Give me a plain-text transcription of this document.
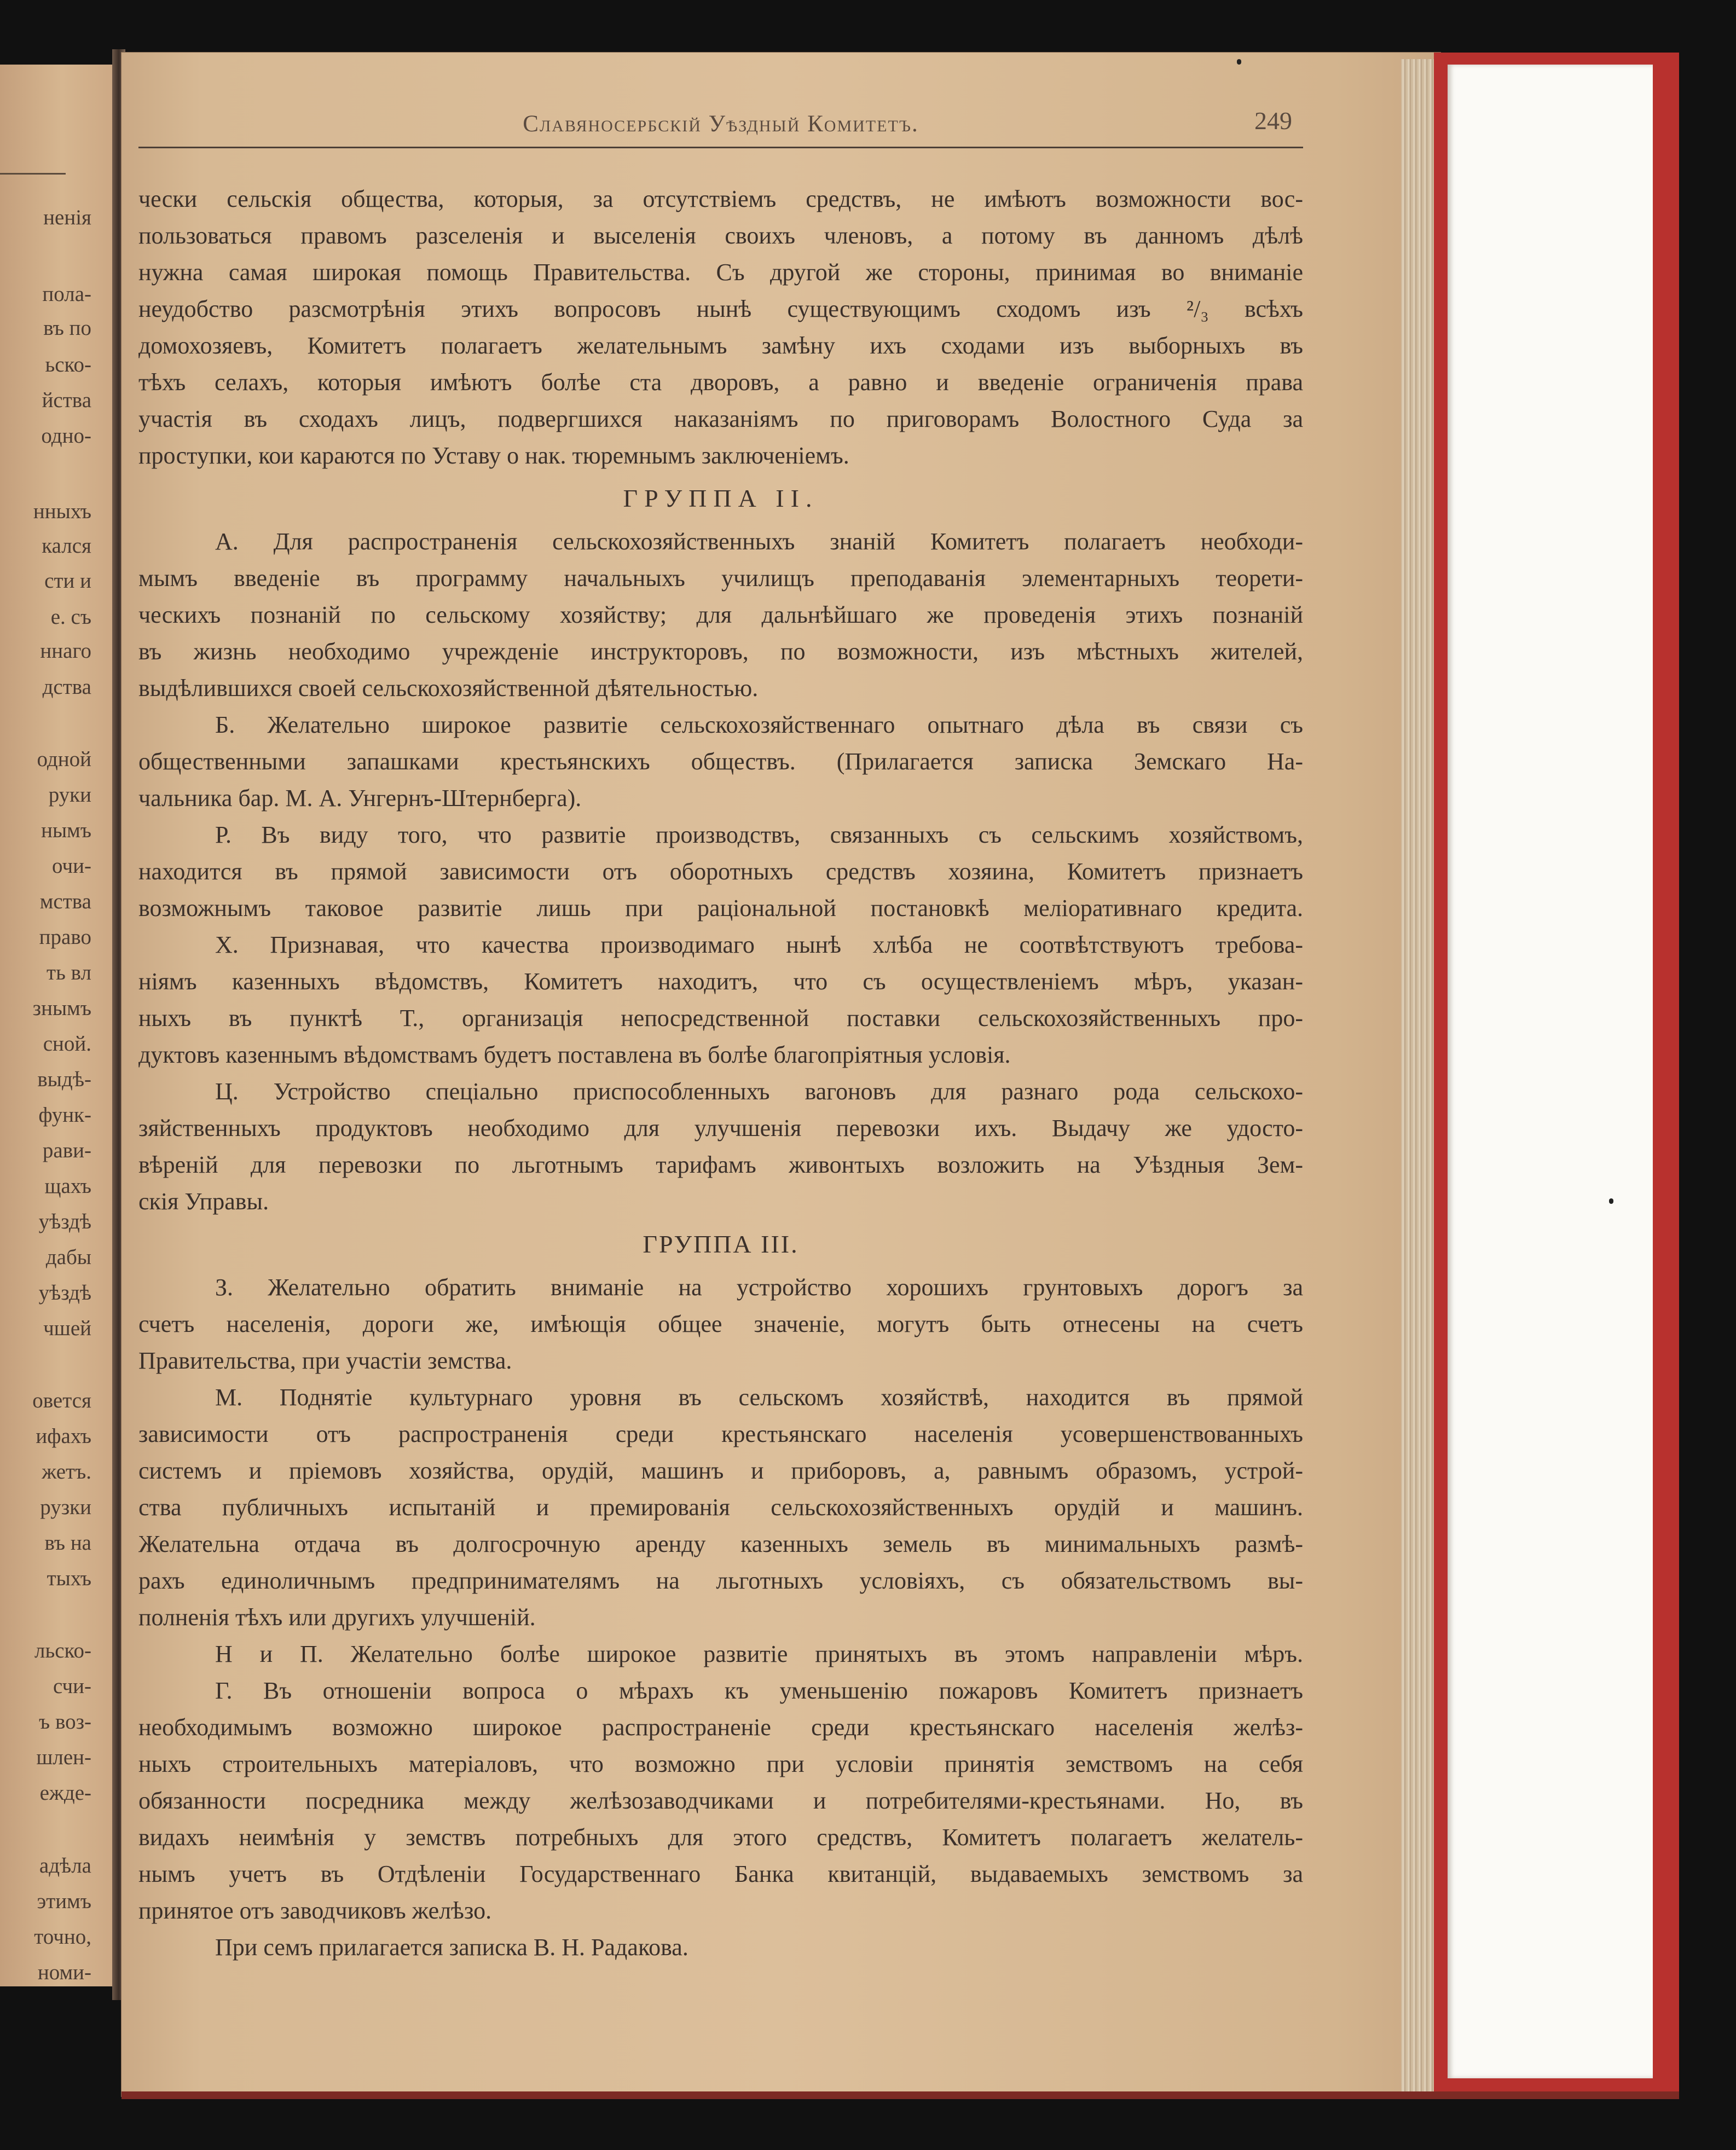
ненія
пола-
въ по
ьско-
йства
одно-
нныхъ
кался
сти и
е. съ
ннаго
дства
одной
руки
нымъ
очи-
мства
право
ть вл
знымъ
сной.
выдѣ-
функ-
рави-
щахъ
уѣздѣ
дабы
уѣздѣ
чшей
овется
ифахъ
жетъ.
рузки
въ на
тыхъ
льско-
счи-
ъ воз-
шлен-
ежде-
адѣла
этимъ
точно,
номи-
Славяносербскій Уѣздный Комитетъ.	249
чески сельскія общества, которыя, за отсутствіемъ средствъ, не имѣютъ возможности вос-
пользоваться правомъ разселенія и выселенія своихъ членовъ, а потому въ данномъ дѣлѣ
нужна самая широкая помощь Правительства. Съ другой же стороны, принимая во вниманіе
неудобство разсмотрѣнія этихъ вопросовъ нынѣ существующимъ сходомъ изъ ²/₃ всѣхъ
домохозяевъ, Комитетъ полагаетъ желательнымъ замѣну ихъ сходами изъ выборныхъ въ
тѣхъ селахъ, которыя имѣютъ болѣе ста дворовъ, а равно и введеніе ограниченія права
участія въ сходахъ лицъ, подвергшихся наказаніямъ по приговорамъ Волостного Суда за
проступки, кои караются по Уставу о нак. тюремнымъ заключеніемъ.
ГРУППА II.
А. Для распространенія сельскохозяйственныхъ знаній Комитетъ полагаетъ необходи-
мымъ введеніе въ программу начальныхъ училищъ преподаванія элементарныхъ теорети-
ческихъ познаній по сельскому хозяйству; для дальнѣйшаго же проведенія этихъ познаній
въ жизнь необходимо учрежденіе инструкторовъ, по возможности, изъ мѣстныхъ жителей,
выдѣлившихся своей сельскохозяйственной дѣятельностью.
Б. Желательно широкое развитіе сельскохозяйственнаго опытнаго дѣла въ связи съ
общественными запашками крестьянскихъ обществъ. (Прилагается записка Земскаго На-
чальника бар. М. А. Унгернъ-Штернберга).
Р. Въ виду того, что развитіе производствъ, связанныхъ съ сельскимъ хозяйствомъ,
находится въ прямой зависимости отъ оборотныхъ средствъ хозяина, Комитетъ признаетъ
возможнымъ таковое развитіе лишь при раціональной постановкѣ меліоративнаго кредита.
Х. Признавая, что качества производимаго нынѣ хлѣба не соотвѣтствуютъ требова-
ніямъ казенныхъ вѣдомствъ, Комитетъ находитъ, что съ осуществленіемъ мѣръ, указан-
ныхъ въ пунктѣ Т., организація непосредственной поставки сельскохозяйственныхъ про-
дуктовъ казеннымъ вѣдомствамъ будетъ поставлена въ болѣе благопріятныя условія.
Ц. Устройство спеціально приспособленныхъ вагоновъ для разнаго рода сельскохо-
зяйственныхъ продуктовъ необходимо для улучшенія перевозки ихъ. Выдачу же удосто-
вѣреній для перевозки по льготнымъ тарифамъ живонтыхъ возложить на Уѣздныя Зем-
скія Управы.
ГРУППА III.
З. Желательно обратить вниманіе на устройство хорошихъ грунтовыхъ дорогъ за
счетъ населенія, дороги же, имѣющія общее значеніе, могутъ быть отнесены на счетъ
Правительства, при участіи земства.
М. Поднятіе культурнаго уровня въ сельскомъ хозяйствѣ, находится въ прямой
зависимости отъ распространенія среди крестьянскаго населенія усовершенствованныхъ
системъ и пріемовъ хозяйства, орудій, машинъ и приборовъ, а, равнымъ образомъ, устрой-
ства публичныхъ испытаній и премированія сельскохозяйственныхъ орудій и машинъ.
Желательна отдача въ долгосрочную аренду казенныхъ земель въ минимальныхъ размѣ-
рахъ единоличнымъ предпринимателямъ на льготныхъ условіяхъ, съ обязательствомъ вы-
полненія тѣхъ или другихъ улучшеній.
Н и П. Желательно болѣе широкое развитіе принятыхъ въ этомъ направленіи мѣръ.
Г. Въ отношеніи вопроса о мѣрахъ къ уменьшенію пожаровъ Комитетъ признаетъ
необходимымъ возможно широкое распространеніе среди крестьянскаго населенія желѣз-
ныхъ строительныхъ матеріаловъ, что возможно при условіи принятія земствомъ на себя
обязанности посредника между желѣзозаводчиками и потребителями-крестьянами. Но, въ
видахъ неимѣнія у земствъ потребныхъ для этого средствъ, Комитетъ полагаетъ желатель-
нымъ учетъ въ Отдѣленіи Государственнаго Банка квитанцій, выдаваемыхъ земствомъ за
принятое отъ заводчиковъ желѣзо.
При семъ прилагается записка В. Н. Радакова.
